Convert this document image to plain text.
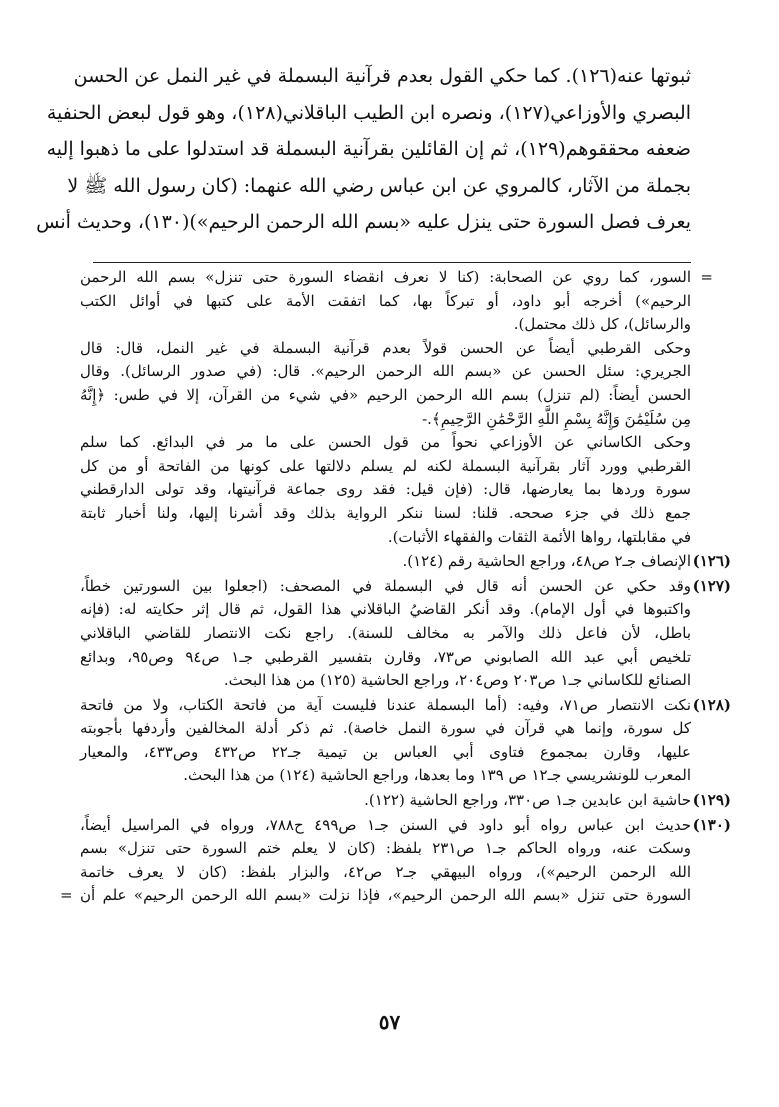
ثبوتها عنه(١٢٦). كما حكي القول بعدم قرآنية البسملة في غير النمل عن الحسن
البصري والأوزاعي(١٢٧)، ونصره ابن الطيب الباقلاني(١٢٨)، وهو قول لبعض الحنفية
ضعفه محققوهم(١٢٩)، ثم إن القائلين بقرآنية البسملة قد استدلوا على ما ذهبوا إليه
بجملة من الآثار، كالمروي عن ابن عباس رضي الله عنهما: (كان رسول الله ﷺ لا
يعرف فصل السورة حتى ينزل عليه «بسم الله الرحمن الرحيم»)(١٣٠)، وحديث أنس
=
السور، كما روي عن الصحابة: (كنا لا نعرف انقضاء السورة حتى تنزل» بسم الله الرحمن
الرحيم») أخرجه أبو داود، أو تبركاً بها، كما اتفقت الأمة على كتبها في أوائل الكتب
والرسائل)، كل ذلك محتمل).
وحكى القرطبي أيضاً عن الحسن قولاً بعدم قرآنية البسملة في غير النمل، قال: قال
الجريري: سئل الحسن عن «بسم الله الرحمن الرحيم». قال: (في صدور الرسائل). وقال
الحسن أيضاً: (لم تنزل) بسم الله الرحمن الرحيم «في شيء من القرآن، إلا في طس: ﴿إِنَّهُ
مِن سُلَيْمَٰنَ وَإِنَّهُ بِسْمِ اللَّهِ الرَّحْمَٰنِ الرَّحِيمِ﴾.-
وحكى الكاساني عن الأوزاعي نحواً من قول الحسن على ما مر في البدائع. كما سلم
القرطبي وورد آثار بقرآنية البسملة لكنه لم يسلم دلالتها على كونها من الفاتحة أو من كل
سورة وردها بما يعارضها، قال: (فإن قيل: فقد روى جماعة قرآنيتها، وقد تولى الدارقطني
جمع ذلك في جزء صححه. قلنا: لسنا ننكر الرواية بذلك وقد أشرنا إليها، ولنا أخبار ثابتة
في مقابلتها، رواها الأئمة الثقات والفقهاء الأثبات).
(١٢٦)
الإنصاف جـ٢ ص٤٨، وراجع الحاشية رقم (١٢٤).
(١٢٧)
وقد حكي عن الحسن أنه قال في البسملة في المصحف: (اجعلوا بين السورتين خطاً،
واكتبوها في أول الإمام). وقد أنكر القاضيُ الباقلاني هذا القول، ثم قال إثر حكايته له: (فإنه
باطل، لأن فاعل ذلك والآمر به مخالف للسنة). راجع نكت الانتصار للقاضي الباقلاني
تلخيص أبي عبد الله الصابوني ص٧٣، وقارن بتفسير القرطبي جـ١ ص٩٤ وص٩٥، وبدائع
الصنائع للكاساني جـ١ ص٢٠٣ وص٢٠٤، وراجع الحاشية (١٢٥) من هذا البحث.
(١٢٨)
نكت الانتصار ص٧١، وفيه: (أما البسملة عندنا فليست آية من فاتحة الكتاب، ولا من فاتحة
كل سورة، وإنما هي قرآن في سورة النمل خاصة). ثم ذكر أدلة المخالفين وأردفها بأجوبته
عليها، وقارن بمجموع فتاوى أبي العباس بن تيمية جـ٢٢ ص٤٣٢ وص٤٣٣، والمعيار
المعرب للونشريسي جـ١٢ ص ١٣٩ وما بعدها، وراجع الحاشية (١٢٤) من هذا البحث.
(١٢٩)
حاشية ابن عابدين جـ١ ص٣٣٠، وراجع الحاشية (١٢٢).
(١٣٠)
حديث ابن عباس رواه أبو داود في السنن جـ١ ص٤٩٩ ح٧٨٨، ورواه في المراسيل أيضاً،
وسكت عنه، ورواه الحاكم جـ١ ص٢٣١ بلفظ: (كان لا يعلم ختم السورة حتى تنزل» بسم
الله الرحمن الرحيم»)، ورواه البيهقي جـ٢ ص٤٢، والبزار بلفظ: (كان لا يعرف خاتمة
السورة حتى تنزل «بسم الله الرحمن الرحيم»، فإذا نزلت «بسم الله الرحمن الرحيم» علم أن
=
٥٧
